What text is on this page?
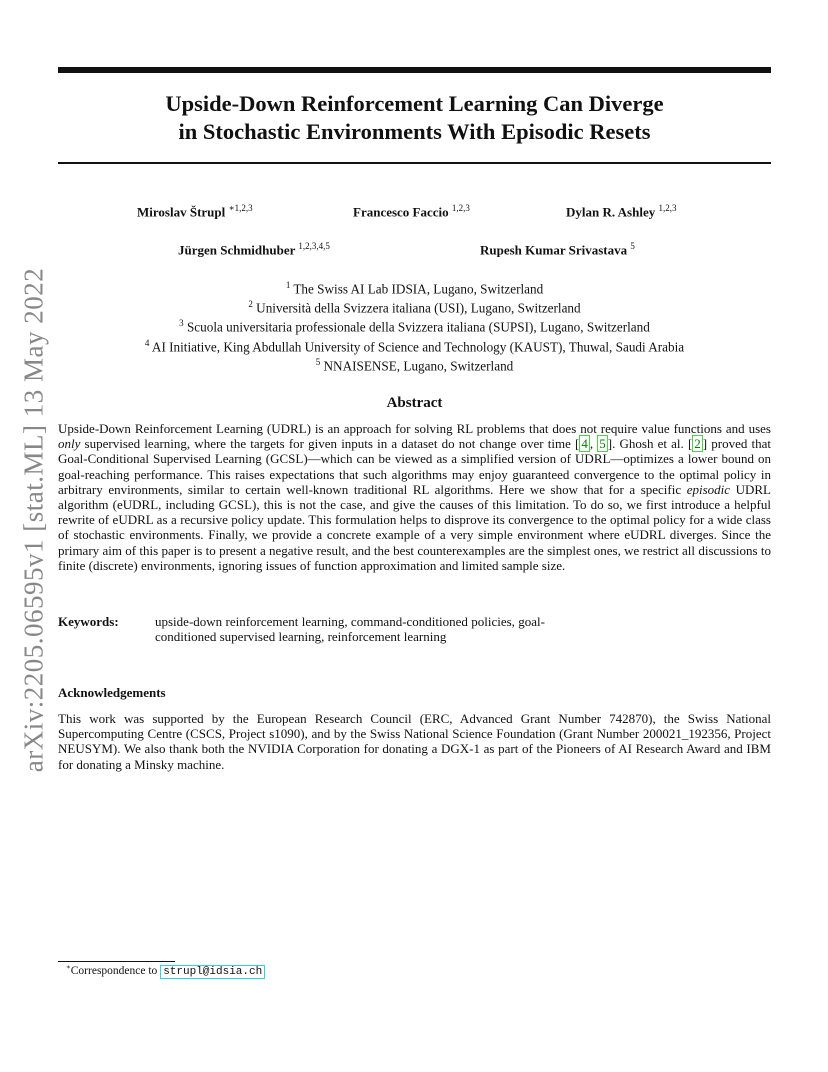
arXiv:2205.06595v1 [stat.ML] 13 May 2022
Upside-Down Reinforcement Learning Can Diverge
in Stochastic Environments With Episodic Resets
Miroslav Štrupl $^{∗1,2,3}$	Francesco Faccio $^{1,2,3}$	Dylan R. Ashley $^{1,2,3}$
Jürgen Schmidhuber $^{1,2,3,4,5}$	Rupesh Kumar Srivastava $^5$
$^1$ The Swiss AI Lab IDSIA, Lugano, Switzerland
$^2$ Università della Svizzera italiana (USI), Lugano, Switzerland
$^3$ Scuola universitaria professionale della Svizzera italiana (SUPSI), Lugano, Switzerland
$^4$ AI Initiative, King Abdullah University of Science and Technology (KAUST), Thuwal, Saudi Arabia
$^5$ NNAISENSE, Lugano, Switzerland
Abstract
Upside-Down Reinforcement Learning (UDRL) is an approach for solving RL problems that does not require value functions and uses only supervised learning, where the targets for given inputs in a dataset do not change over time [ 4 , 5 ]. Ghosh et al. [ 2 ] proved that Goal-Conditional Supervised Learning (GCSL)—which can be viewed as a simplified version of UDRL—optimizes a lower bound on goal-reaching performance. This raises expectations that such algorithms may enjoy guaranteed convergence to the optimal policy in arbitrary environments, similar to certain well-known traditional RL algorithms. Here we show that for a specific episodic UDRL algorithm (eUDRL, including GCSL), this is not the case, and give the causes of this limitation. To do so, we first introduce a helpful rewrite of eUDRL as a recursive policy update. This formulation helps to disprove its convergence to the optimal policy for a wide class of stochastic environments. Finally, we provide a concrete example of a very simple environment where eUDRL diverges. Since the primary aim of this paper is to present a negative result, and the best counterexamples are the simplest ones, we restrict all discussions to finite (discrete) environments, ignoring issues of function approximation and limited sample size.
Keywords:	upside-down reinforcement learning, command-conditioned policies, goal-conditioned supervised learning, reinforcement learning
Acknowledgements
This work was supported by the European Research Council (ERC, Advanced Grant Number 742870), the Swiss National Supercomputing Centre (CSCS, Project s1090), and by the Swiss National Science Foundation (Grant Number 200021_192356, Project NEUSYM). We also thank both the NVIDIA Corporation for donating a DGX-1 as part of the Pioneers of AI Research Award and IBM for donating a Minsky machine.
∗Correspondence to strupl@idsia.ch
